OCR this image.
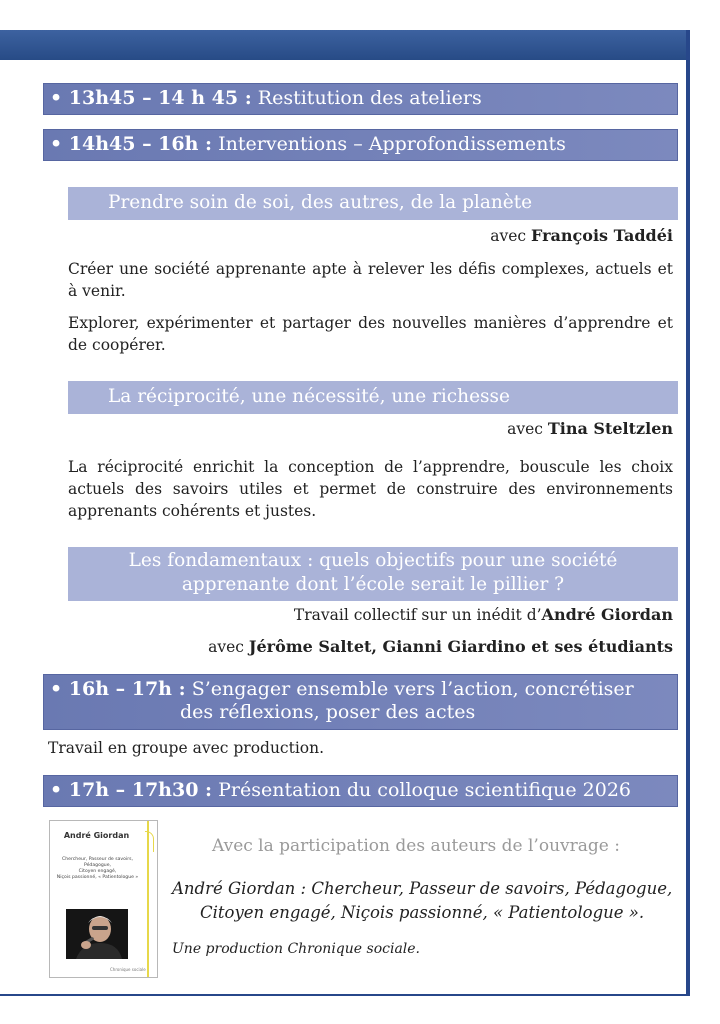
• 13h45 – 14 h 45 : Restitution des ateliers
• 14h45 – 16h : Interventions – Approfondissements
Prendre soin de soi, des autres, de la planète
avec François Taddéi
Créer une société apprenante apte à relever les défis complexes, actuels et à venir.
Explorer, expérimenter et partager des nouvelles manières d’apprendre et de coopérer.
La réciprocité, une nécessité, une richesse
avec Tina Steltzlen
La réciprocité enrichit la conception de l’apprendre, bouscule les choix actuels des savoirs utiles et permet de construire des environnements apprenants cohérents et justes.
Les fondamentaux : quels objectifs pour une société
apprenante dont l’école serait le pillier ?
Travail collectif sur un inédit d’André Giordan
avec Jérôme Saltet, Gianni Giardino et ses étudiants
• 16h – 17h : S’engager ensemble vers l’action, concrétiser
des réflexions, poser des actes
Travail en groupe avec production.
• 17h – 17h30 : Présentation du colloque scientifique 2026
André Giordan
Chercheur, Passeur de savoirs, Pédagogue,
Citoyen engagé,
Niçois passionné, « Patientologue »
Chronique sociale
Avec la participation des auteurs de l’ouvrage :
André Giordan : Chercheur, Passeur de savoirs, Pédagogue,
Citoyen engagé, Niçois passionné, « Patientologue ».
Une production Chronique sociale.
